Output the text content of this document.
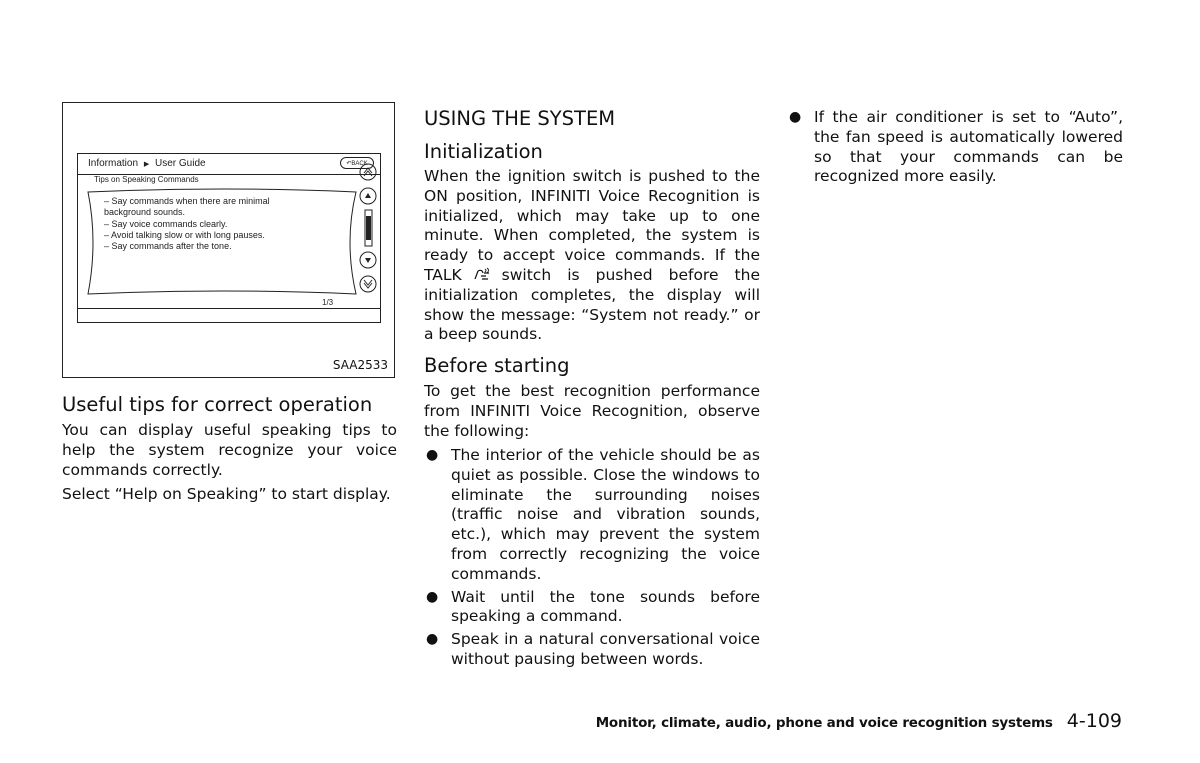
Information ▶ User Guide	↶BACK
Tips on Speaking Commands
– Say commands when there are minimal
background sounds.
– Say voice commands clearly.
– Avoid talking slow or with long pauses.
– Say commands after the tone.
1/3
SAA2533
Useful tips for correct operation

You can display useful speaking tips to help the system recognize your voice commands correctly.

Select “Help on Speaking” to start display.

USING THE SYSTEM
Initialization

When the ignition switch is pushed to the ON position, INFINITI Voice Recognition is initialized, which may take up to one minute. When completed, the system is ready to accept voice commands. If the TALK	switch is pushed before the initialization completes, the display will show the message: “System not ready.” or a beep sounds.

Before starting

To get the best recognition performance from INFINITI Voice Recognition, observe the following:

● The interior of the vehicle should be as quiet as possible. Close the windows to eliminate the surrounding noises (traffic noise and vibration sounds, etc.), which may prevent the system from correctly recognizing the voice commands.
● Wait until the tone sounds before speaking a command.
● Speak in a natural conversational voice without pausing between words.
● If the air conditioner is set to “Auto”, the fan speed is automatically lowered so that your commands can be recognized more easily.
Monitor, climate, audio, phone and voice recognition systems 4-109
